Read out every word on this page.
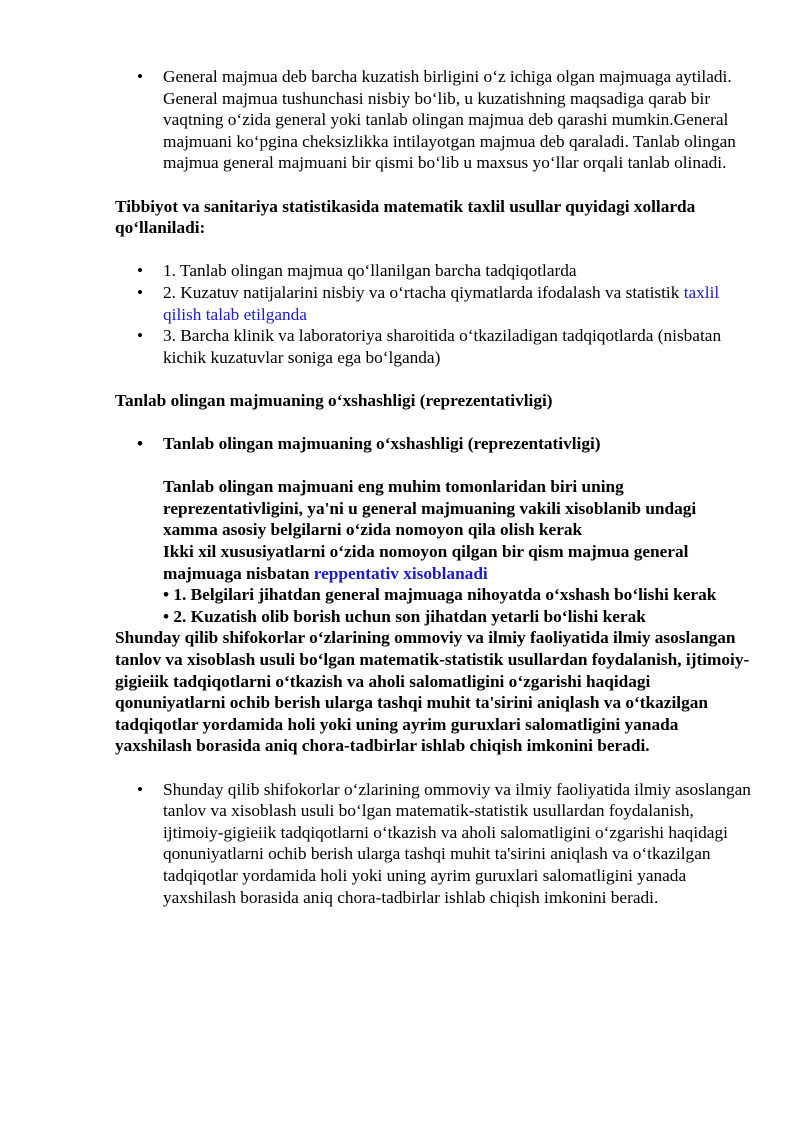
• General majmua deb barcha kuzatish birligini o‘z ichiga olgan majmuaga aytiladi. General majmua tushunchasi nisbiy bo‘lib, u kuzatishning maqsadiga qarab bir vaqtning o‘zida general yoki tanlab olingan majmua deb qarashi mumkin.General majmuani ko‘pgina cheksizlikka intilayotgan majmua deb qaraladi. Tanlab olingan majmua general majmuani bir qismi bo‘lib u maxsus yo‘llar orqali tanlab olinadi.

Tibbiyot va sanitariya statistikasida matematik taxlil usullar quyidagi xollarda qo‘llaniladi:

• 1. Tanlab olingan majmua qo‘llanilgan barcha tadqiqotlarda
• 2. Kuzatuv natijalarini nisbiy va o‘rtacha qiymatlarda ifodalash va statistik taxlil qilish talab etilganda
• 3. Barcha klinik va laboratoriya sharoitida o‘tkaziladigan tadqiqotlarda (nisbatan kichik kuzatuvlar soniga ega bo‘lganda)

Tanlab olingan majmuaning o‘xshashligi (reprezentativligi)

• Tanlab olingan majmuaning o‘xshashligi (reprezentativligi)

Tanlab olingan majmuani eng muhim tomonlaridan biri uning reprezentativligini, ya'ni u general majmuaning vakili xisoblanib undagi xamma asosiy belgilarni o‘zida nomoyon qila olish kerak

Ikki xil xususiyatlarni o‘zida nomoyon qilgan bir qism majmua general majmuaga nisbatan reppentativ xisoblanadi

• 1. Belgilari jihatdan general majmuaga nihoyatda o‘xshash bo‘lishi kerak

• 2. Kuzatish olib borish uchun son jihatdan yetarli bo‘lishi kerak

Shunday qilib shifokorlar o‘zlarining ommoviy va ilmiy faoliyatida ilmiy asoslangan tanlov va xisoblash usuli bo‘lgan matematik-statistik usullardan foydalanish, ijtimoiy-gigieiik tadqiqotlarni o‘tkazish va aholi salomatligini o‘zgarishi haqidagi qonuniyatlarni ochib berish ularga tashqi muhit ta'sirini aniqlash va o‘tkazilgan tadqiqotlar yordamida holi yoki uning ayrim guruxlari salomatligini yanada yaxshilash borasida aniq chora-tadbirlar ishlab chiqish imkonini beradi.

• Shunday qilib shifokorlar o‘zlarining ommoviy va ilmiy faoliyatida ilmiy asoslangan tanlov va xisoblash usuli bo‘lgan matematik-statistik usullardan foydalanish, ijtimoiy-gigieiik tadqiqotlarni o‘tkazish va aholi salomatligini o‘zgarishi haqidagi qonuniyatlarni ochib berish ularga tashqi muhit ta'sirini aniqlash va o‘tkazilgan tadqiqotlar yordamida holi yoki uning ayrim guruxlari salomatligini yanada yaxshilash borasida aniq chora-tadbirlar ishlab chiqish imkonini beradi.
